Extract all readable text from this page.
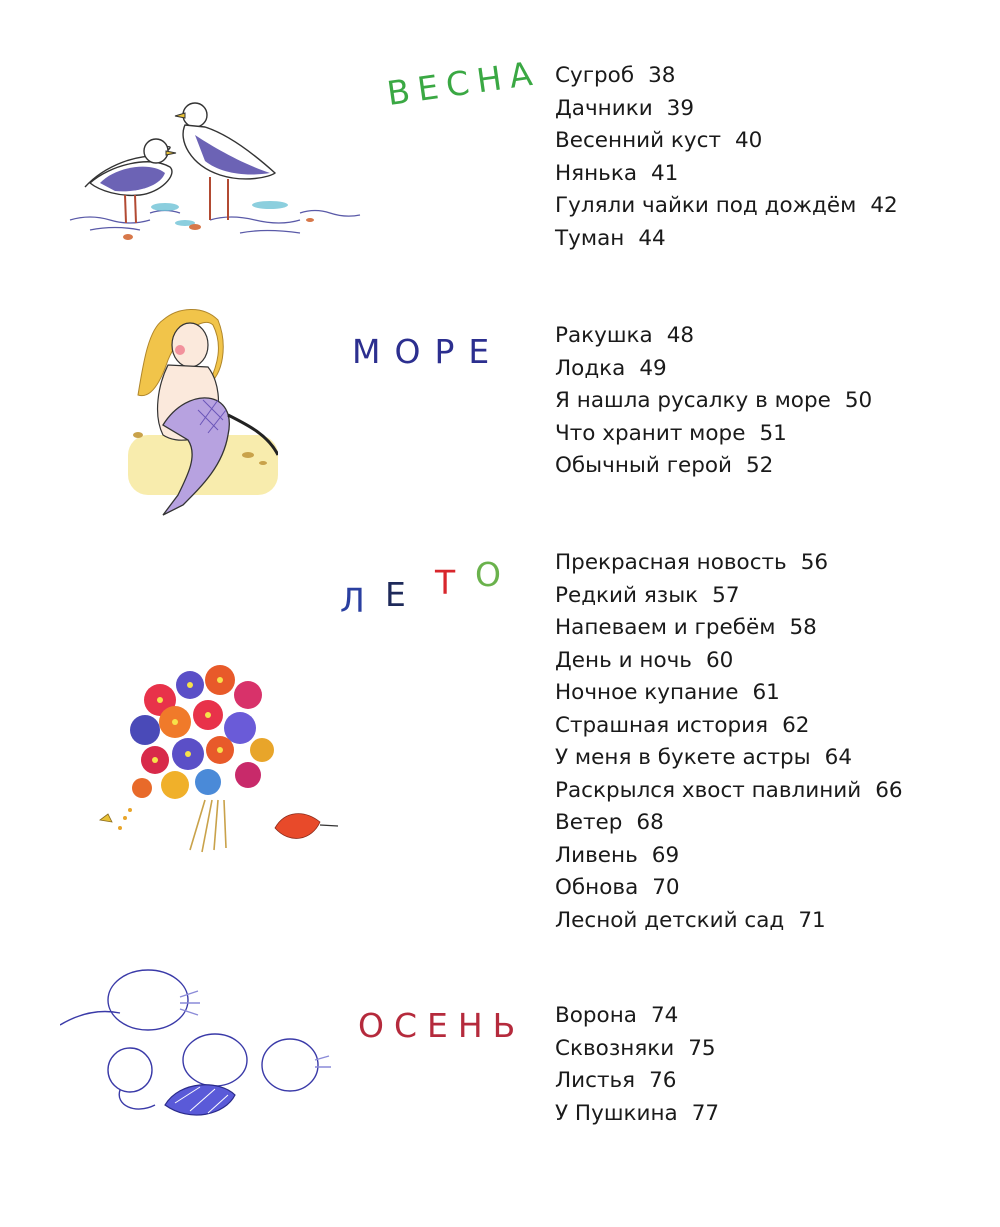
ВЕСНА Сугроб 38
Дачники 39
Весенний куст 40
Нянька 41
Гуляли чайки под дождём 42
Туман 44
МОРЕ Ракушка 48
Лодка 49
Я нашла русалку в море 50
Что хранит море 51
Обычный герой 52
Л Е Т О Прекрасная новость 56
Редкий язык 57
Напеваем и гребём 58
День и ночь 60
Ночное купание 61
Страшная история 62
У меня в букете астры 64
Раскрылся хвост павлиний 66
Ветер 68
Ливень 69
Обнова 70
Лесной детский сад 71
ОСЕНЬ Ворона 74
Сквозняки 75
Листья 76
У Пушкина 77
